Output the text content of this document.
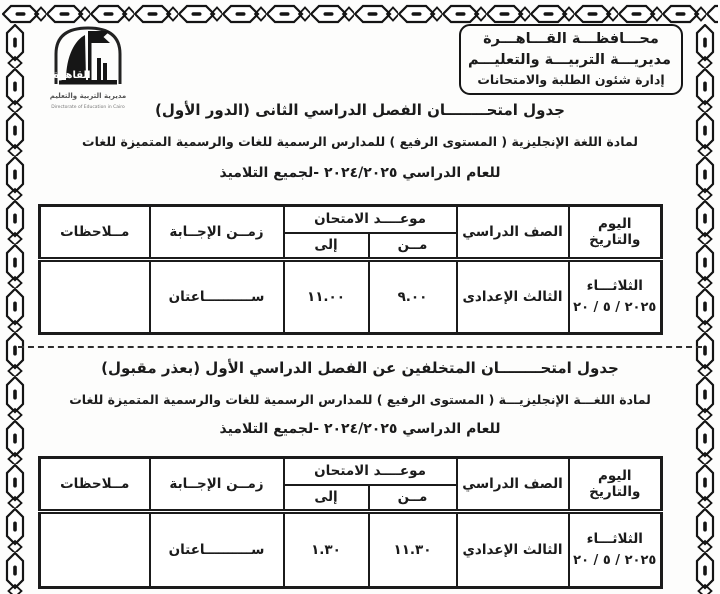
القاهرة
مديرية التربية والتعليم
Directorate of Education in Cairo
محـــافظـــة القـــاهـــرة
مديريـــة التربيـــة والتعليـــم
إدارة شئون الطلبة والامتحانات
جدول امتحــــــــان الفصل الدراسي الثانى (الدور الأول)
لمادة اللغة الإنجليزية ( المستوى الرفيع ) للمدارس الرسمية للغات والرسمية المتميزة للغات
للعام الدراسي ٢٠٢٤/٢٠٢٥ -لجميع التلاميذ
اليوم والتاريخ	الصف الدراسي	موعــــد الامتحان		زمــن الإجــابة	مــلاحظات
		مــن	إلى		
الثلاثـــاء
٢٠٢٥ / ٥ / ٢٠	الثالث الإعدادى	٩.٠٠	١١.٠٠	ســــــــــاعتان	
جدول امتحــــــــان المتخلفين عن الفصل الدراسي الأول (بعذر مقبول)
لمادة اللغـــة الإنجليزيـــة ( المستوى الرفيع ) للمدارس الرسمية للغات والرسمية المتميزة للغات
للعام الدراسي ٢٠٢٤/٢٠٢٥ -لجميع التلاميذ
اليوم والتاريخ	الصف الدراسي	موعــــد الامتحان		زمــن الإجــابة	مــلاحظات
		مــن	إلى		
الثلاثـــاء
٢٠٢٥ / ٥ / ٢٠	الثالث الإعدادي	١١.٣٠	١.٣٠	ســــــــــاعتان	
